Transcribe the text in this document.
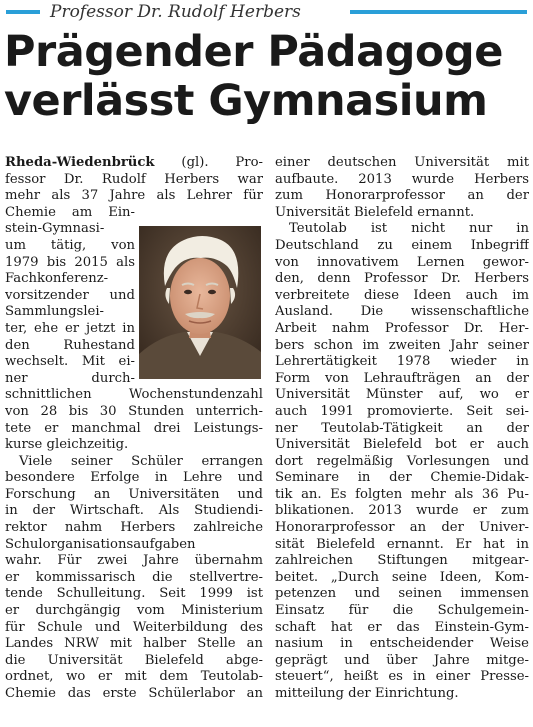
Professor Dr. Rudolf Herbers
Prägender Pädagoge
verlässt Gymnasium
Rheda-Wiedenbrück (gl). Pro-
fessor Dr. Rudolf Herbers war
mehr als 37 Jahre als Lehrer für
Chemie am Ein-
stein-Gymnasi-
um tätig, von
1979 bis 2015 als
Fachkonferenz-
vorsitzender und
Sammlungslei-
ter, ehe er jetzt in
den Ruhestand
wechselt. Mit ei-
ner durch-
schnittlichen Wochenstundenzahl
von 28 bis 30 Stunden unterrich-
tete er manchmal drei Leistungs-
kurse gleichzeitig.
Viele seiner Schüler errangen
besondere Erfolge in Lehre und
Forschung an Universitäten und
in der Wirtschaft. Als Studiendi-
rektor nahm Herbers zahlreiche
Schulorganisationsaufgaben
wahr. Für zwei Jahre übernahm
er kommissarisch die stellvertre-
tende Schulleitung. Seit 1999 ist
er durchgängig vom Ministerium
für Schule und Weiterbildung des
Landes NRW mit halber Stelle an
die Universität Bielefeld abge-
ordnet, wo er mit dem Teutolab-
Chemie das erste Schülerlabor an
einer deutschen Universität mit
aufbaute. 2013 wurde Herbers
zum Honorarprofessor an der
Universität Bielefeld ernannt.
Teutolab ist nicht nur in
Deutschland zu einem Inbegriff
von innovativem Lernen gewor-
den, denn Professor Dr. Herbers
verbreitete diese Ideen auch im
Ausland. Die wissenschaftliche
Arbeit nahm Professor Dr. Her-
bers schon im zweiten Jahr seiner
Lehrertätigkeit 1978 wieder in
Form von Lehraufträgen an der
Universität Münster auf, wo er
auch 1991 promovierte. Seit sei-
ner Teutolab-Tätigkeit an der
Universität Bielefeld bot er auch
dort regelmäßig Vorlesungen und
Seminare in der Chemie-Didak-
tik an. Es folgten mehr als 36 Pu-
blikationen. 2013 wurde er zum
Honorarprofessor an der Univer-
sität Bielefeld ernannt. Er hat in
zahlreichen Stiftungen mitgear-
beitet. „Durch seine Ideen, Kom-
petenzen und seinen immensen
Einsatz für die Schulgemein-
schaft hat er das Einstein-Gym-
nasium in entscheidender Weise
geprägt und über Jahre mitge-
steuert“, heißt es in einer Presse-
mitteilung der Einrichtung.
